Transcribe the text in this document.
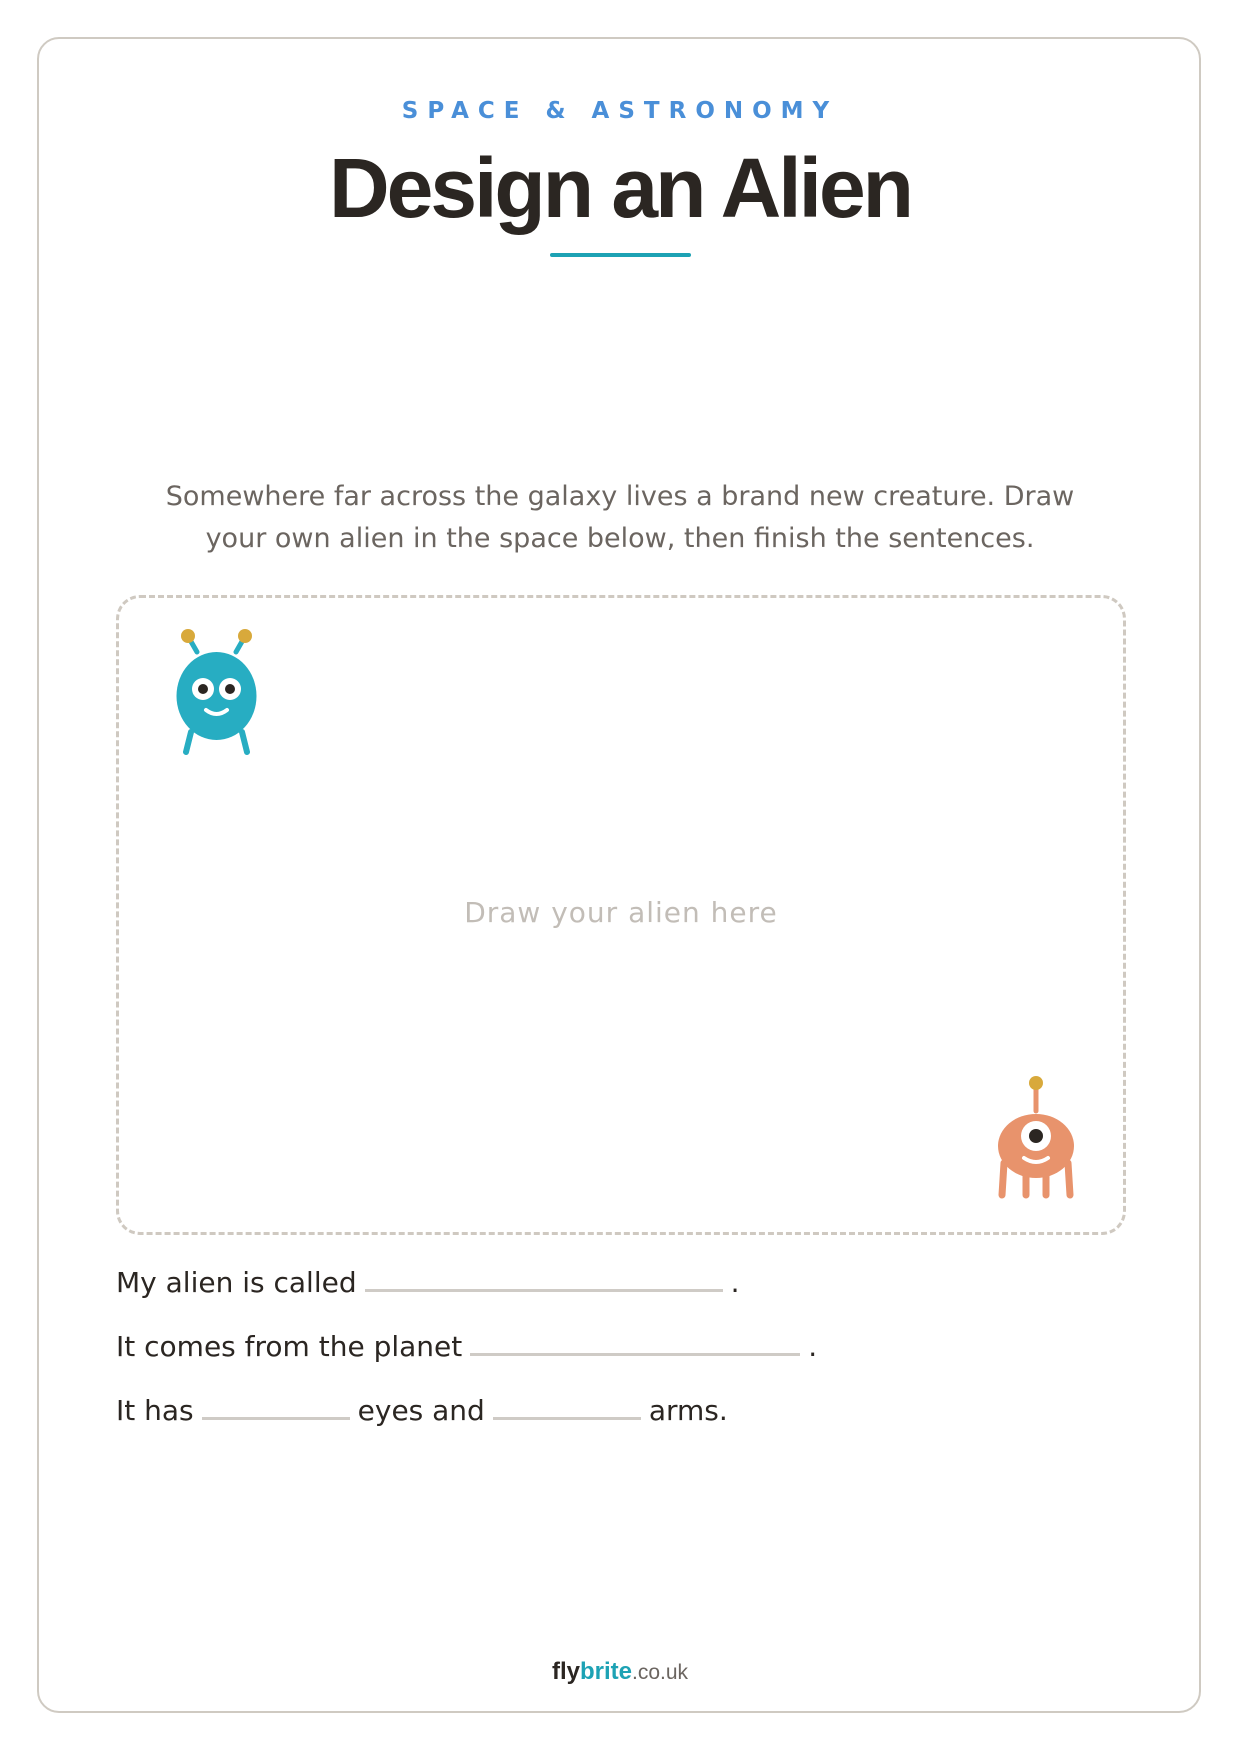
SPACE & ASTRONOMY

Design an Alien

Somewhere far across the galaxy lives a brand new creature. Draw your own alien in the space below, then finish the sentences.

Draw your alien here
My alien is called	.
It comes from the planet	.
It has	eyes and	arms.
flybrite.co.uk
